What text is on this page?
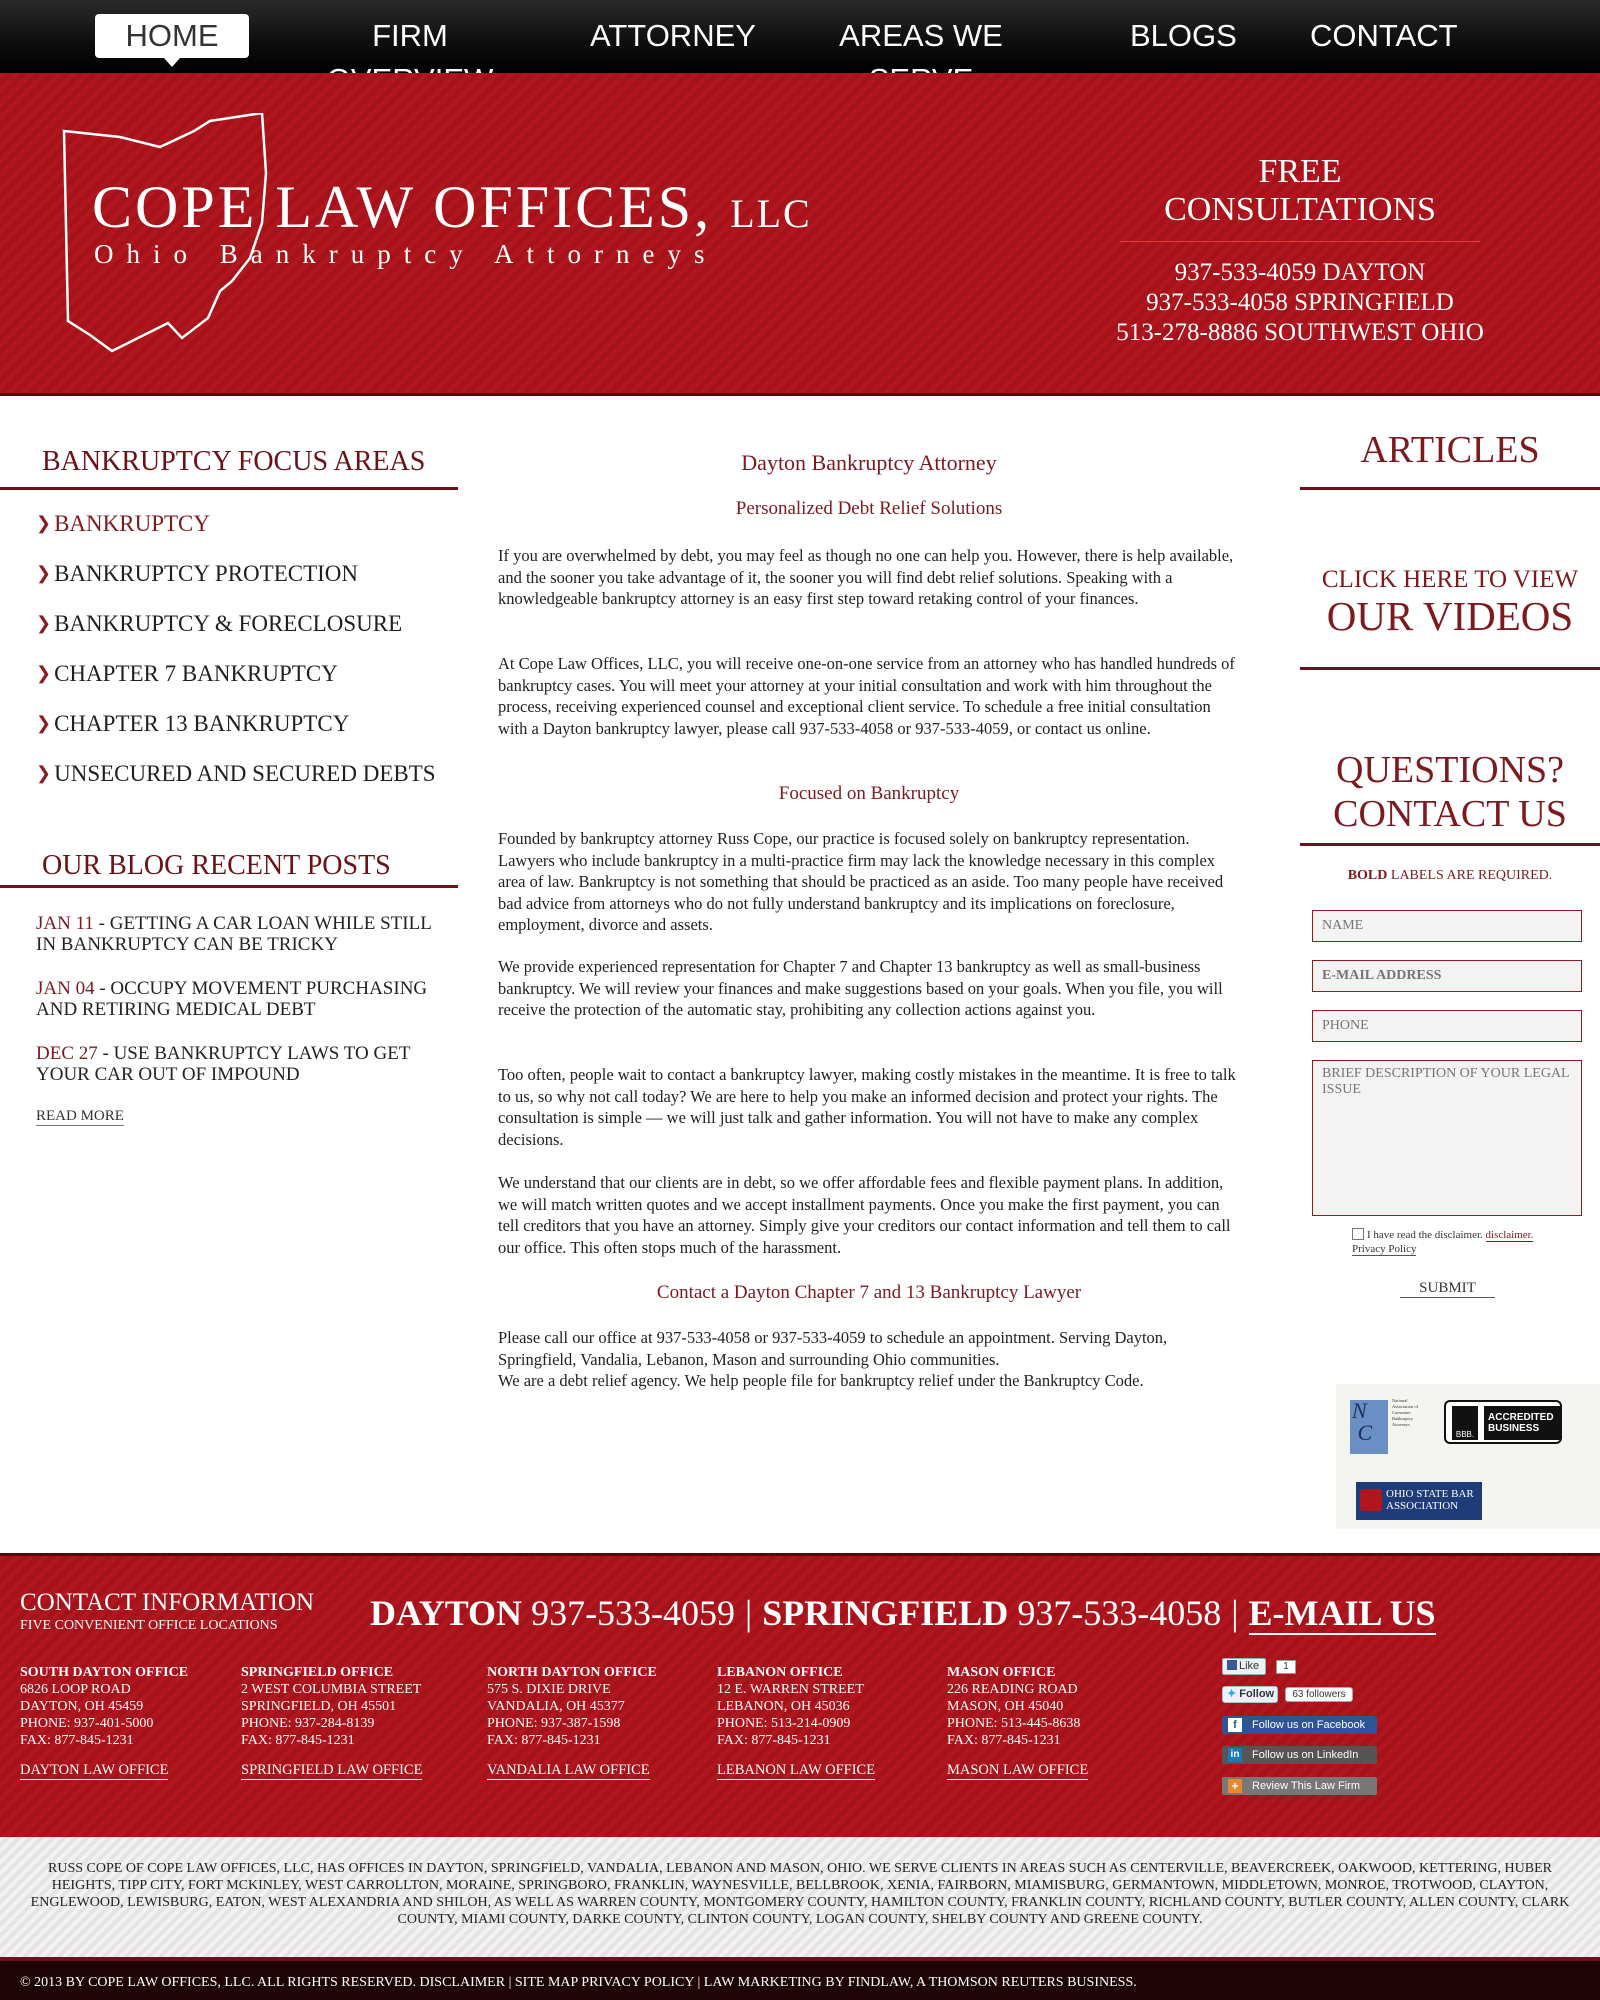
HOME	FIRM	ATTORNEY	AREAS WE	BLOGS CONTACT
COPE LAW OFFICES, LLC
Ohio Bankruptcy Attorneys
FREE CONSULTATIONS
937-533-4059 DAYTON
937-533-4058 SPRINGFIELD
513-278-8886 SOUTHWEST OHIO
BANKRUPTCY FOCUS AREAS
❯ BANKRUPTCY
❯ BANKRUPTCY PROTECTION
❯ BANKRUPTCY & FORECLOSURE
❯ CHAPTER 7 BANKRUPTCY
❯ CHAPTER 13 BANKRUPTCY
❯ UNSECURED AND SECURED DEBTS
OUR BLOG RECENT POSTS
JAN 11 - GETTING A CAR LOAN WHILE STILL IN BANKRUPTCY CAN BE TRICKY
JAN 04 - OCCUPY MOVEMENT PURCHASING AND RETIRING MEDICAL DEBT
DEC 27 - USE BANKRUPTCY LAWS TO GET YOUR CAR OUT OF IMPOUND
READ MORE
Dayton Bankruptcy Attorney
Personalized Debt Relief Solutions

If you are overwhelmed by debt, you may feel as though no one can help you. However, there is help available, and the sooner you take advantage of it, the sooner you will find debt relief solutions. Speaking with a knowledgeable bankruptcy attorney is an easy first step toward retaking control of your finances.

At Cope Law Offices, LLC, you will receive one-on-one service from an attorney who has handled hundreds of bankruptcy cases. You will meet your attorney at your initial consultation and work with him throughout the process, receiving experienced counsel and exceptional client service. To schedule a free initial consultation with a Dayton bankruptcy lawyer, please call 937-533-4058 or 937-533-4059, or contact us online.

Focused on Bankruptcy

Founded by bankruptcy attorney Russ Cope, our practice is focused solely on bankruptcy representation. Lawyers who include bankruptcy in a multi-practice firm may lack the knowledge necessary in this complex area of law. Bankruptcy is not something that should be practiced as an aside. Too many people have received bad advice from attorneys who do not fully understand bankruptcy and its implications on foreclosure, employment, divorce and assets.

We provide experienced representation for Chapter 7 and Chapter 13 bankruptcy as well as small-business bankruptcy. We will review your finances and make suggestions based on your goals. When you file, you will receive the protection of the automatic stay, prohibiting any collection actions against you.

Too often, people wait to contact a bankruptcy lawyer, making costly mistakes in the meantime. It is free to talk to us, so why not call today? We are here to help you make an informed decision and protect your rights. The consultation is simple — we will just talk and gather information. You will not have to make any complex decisions.

We understand that our clients are in debt, so we offer affordable fees and flexible payment plans. In addition, we will match written quotes and we accept installment payments. Once you make the first payment, you can tell creditors that you have an attorney. Simply give your creditors our contact information and tell them to call our office. This often stops much of the harassment.

Contact a Dayton Chapter 7 and 13 Bankruptcy Lawyer

Please call our office at 937-533-4058 or 937-533-4059 to schedule an appointment. Serving Dayton, Springfield, Vandalia, Lebanon, Mason and surrounding Ohio communities.

We are a debt relief agency. We help people file for bankruptcy relief under the Bankruptcy Code.

ARTICLES
CLICK HERE TO VIEW
OUR VIDEOS
QUESTIONS?
CONTACT US
BOLD LABELS ARE REQUIRED.
NAME
E-MAIL ADDRESS
PHONE
BRIEF DESCRIPTION OF YOUR LEGAL ISSUE
I have read the disclaimer. disclaimer.
Privacy Policy
SUBMIT
N
C
National Association of Consumer Bankruptcy Attorneys
BBB.
ACCREDITED BUSINESS
OHIO STATE BAR ASSOCIATION
CONTACT INFORMATION
FIVE CONVENIENT OFFICE LOCATIONS	DAYTON 937-533-4059 | SPRINGFIELD 937-533-4058 | E-MAIL US
SOUTH DAYTON OFFICE
6826 LOOP ROAD
DAYTON, OH 45459
PHONE: 937-401-5000
FAX: 877-845-1231
SPRINGFIELD OFFICE
2 WEST COLUMBIA STREET
SPRINGFIELD, OH 45501
PHONE: 937-284-8139
FAX: 877-845-1231
NORTH DAYTON OFFICE
575 S. DIXIE DRIVE
VANDALIA, OH 45377
PHONE: 937-387-1598
FAX: 877-845-1231
LEBANON OFFICE
12 E. WARREN STREET
LEBANON, OH 45036
PHONE: 513-214-0909
FAX: 877-845-1231
MASON OFFICE
226 READING ROAD
MASON, OH 45040
PHONE: 513-445-8638
FAX: 877-845-1231
Like	1
✦ Follow	63 followers
f	Follow us on Facebook
in Follow us on LinkedIn
+	Review This Law Firm
DAYTON LAW OFFICE	SPRINGFIELD LAW OFFICE	VANDALIA LAW OFFICE	LEBANON LAW OFFICE	MASON LAW OFFICE
RUSS COPE OF COPE LAW OFFICES, LLC, HAS OFFICES IN DAYTON, SPRINGFIELD, VANDALIA, LEBANON AND MASON, OHIO. WE SERVE CLIENTS IN AREAS SUCH AS CENTERVILLE, BEAVERCREEK, OAKWOOD, KETTERING, HUBER HEIGHTS, TIPP CITY, FORT MCKINLEY, WEST CARROLLTON, MORAINE, SPRINGBORO, FRANKLIN, WAYNESVILLE, BELLBROOK, XENIA, FAIRBORN, MIAMISBURG, GERMANTOWN, MIDDLETOWN, MONROE, TROTWOOD, CLAYTON, ENGLEWOOD, LEWISBURG, EATON, WEST ALEXANDRIA AND SHILOH, AS WELL AS WARREN COUNTY, MONTGOMERY COUNTY, HAMILTON COUNTY, FRANKLIN COUNTY, RICHLAND COUNTY, BUTLER COUNTY, ALLEN COUNTY, CLARK COUNTY, MIAMI COUNTY, DARKE COUNTY, CLINTON COUNTY, LOGAN COUNTY, SHELBY COUNTY AND GREENE COUNTY.
© 2013 BY COPE LAW OFFICES, LLC. ALL RIGHTS RESERVED. DISCLAIMER | SITE MAP PRIVACY POLICY | LAW MARKETING BY FINDLAW, A THOMSON REUTERS BUSINESS.
